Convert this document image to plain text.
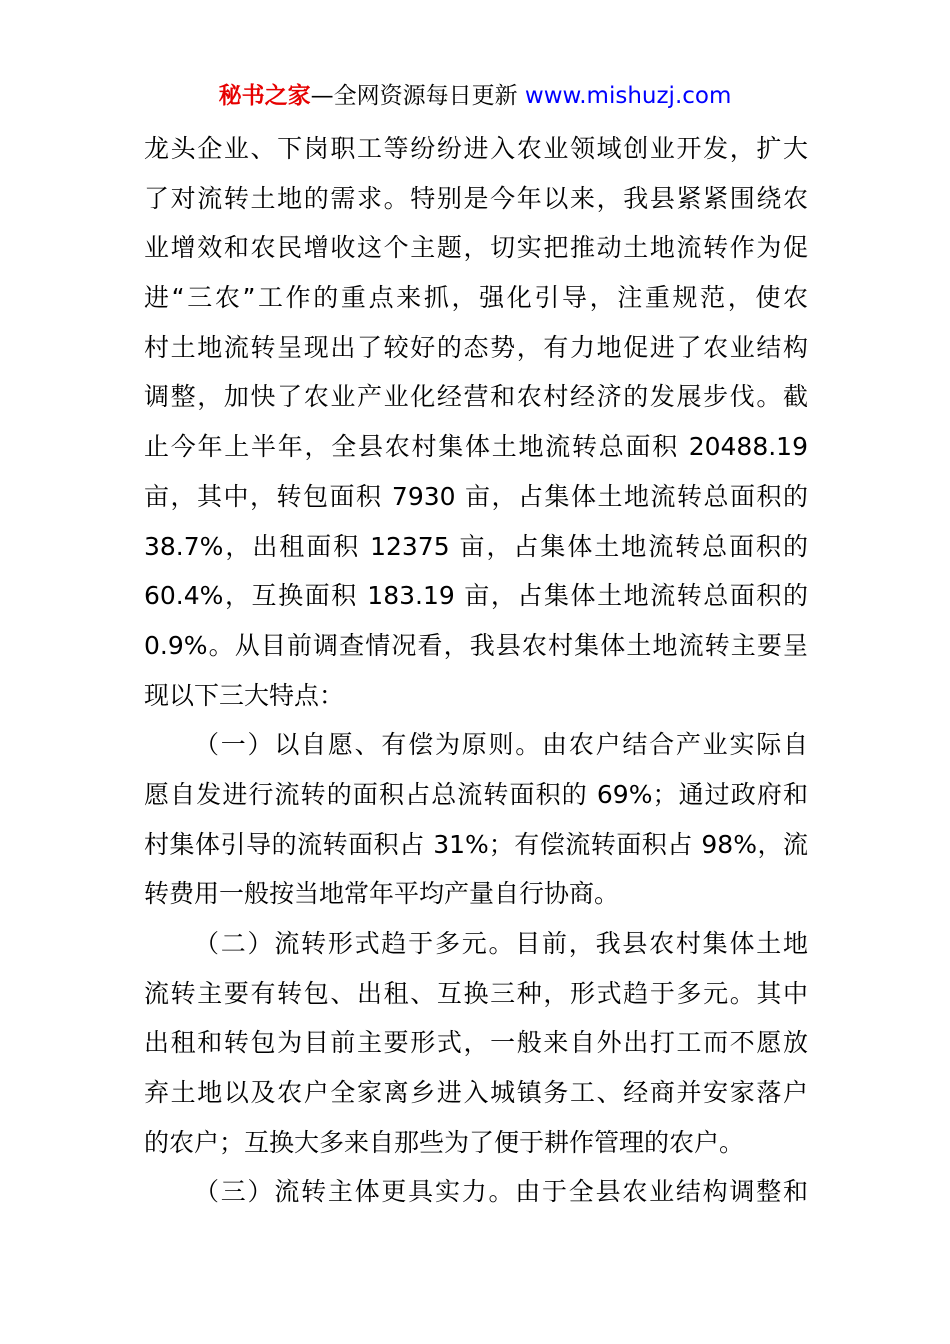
秘书之家—全网资源每日更新 www.mishuzj.com
龙头企业、下岗职工等纷纷进入农业领域创业开发，扩大
了对流转土地的需求。特别是今年以来，我县紧紧围绕农
业增效和农民增收这个主题，切实把推动土地流转作为促
进“三农”工作的重点来抓，强化引导，注重规范，使农
村土地流转呈现出了较好的态势，有力地促进了农业结构
调整，加快了农业产业化经营和农村经济的发展步伐。截
止今年上半年，全县农村集体土地流转总面积 20488.19
亩，其中，转包面积 7930 亩，占集体土地流转总面积的
38.7%，出租面积 12375 亩，占集体土地流转总面积的
60.4%，互换面积 183.19 亩，占集体土地流转总面积的
0.9%。从目前调查情况看，我县农村集体土地流转主要呈
现以下三大特点：
（一）以自愿、有偿为原则。由农户结合产业实际自
愿自发进行流转的面积占总流转面积的 69%；通过政府和
村集体引导的流转面积占 31%；有偿流转面积占 98%，流
转费用一般按当地常年平均产量自行协商。
（二）流转形式趋于多元。目前，我县农村集体土地
流转主要有转包、出租、互换三种，形式趋于多元。其中
出租和转包为目前主要形式，一般来自外出打工而不愿放
弃土地以及农户全家离乡进入城镇务工、经商并安家落户
的农户；互换大多来自那些为了便于耕作管理的农户。
（三）流转主体更具实力。由于全县农业结构调整和
